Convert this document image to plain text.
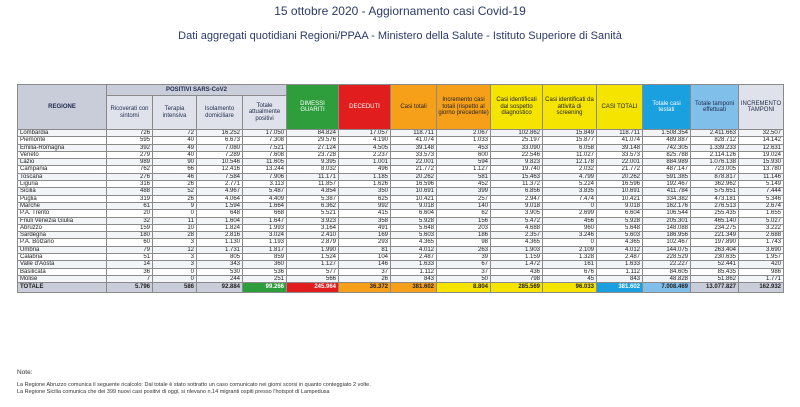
15 ottobre 2020 - Aggiornamento casi Covid-19
Dati aggregati quotidiani Regioni/PPAA - Ministero della Salute - Istituto Superiore di Sanità
REGIONE	POSITIVI SARS-CoV2				DIMESSI GUARITI	DECEDUTI	Casi totali	Incremento casi totali (rispetto al giorno precedente)	Casi identificati dal sospetto diagnostico	Casi identificati da attività di screening	CASI TOTALI	Totale casi testati	Totale tamponi effettuati	INCREMENTO TAMPONI
	Ricoverati con sintomi	Terapia intensiva	Isolamento domiciliare	Totale attualmente positivi										
Lombardia	726	72	16.252	17.050	84.824	17.057	118.711	2.067	102.862	15.849	118.711	1.508.354	2.411.663	32.507
Piemonte	595	40	6.673	7.308	29.576	4.190	41.074	1.033	25.197	15.877	41.074	489.887	828.712	14.142
Emilia-Romagna	392	49	7.080	7.521	27.124	4.505	39.148	453	33.090	6.058	39.148	742.305	1.339.233	12.631
Veneto	279	40	7.289	7.608	23.728	2.237	33.573	600	22.546	11.027	33.573	825.788	2.114.126	19.024
Lazio	989	90	10.546	11.605	9.395	1.001	22.001	594	9.823	12.178	22.001	884.989	1.076.138	15.930
Campania	762	66	12.416	13.244	8.032	496	21.772	1.127	19.740	2.032	21.772	487.147	723.005	13.780
Toscana	276	46	7.584	7.906	11.171	1.185	20.262	581	15.463	4.799	20.262	591.385	878.817	11.146
Liguria	316	26	2.771	3.113	11.857	1.626	16.596	452	11.372	5.224	16.596	192.467	362.962	5.149
Sicilia	488	52	4.967	5.487	4.854	350	10.691	399	6.856	3.835	10.691	411.784	575.651	7.444
Puglia	319	26	4.064	4.409	5.387	625	10.421	257	2.947	7.474	10.421	334.382	473.181	5.346
Marche	61	9	1.594	1.664	6.362	992	9.018	140	9.018	0	9.018	162.176	276.513	2.674
P.A. Trento	20	0	648	668	5.521	415	6.604	62	3.905	2.699	6.604	106.544	255.435	1.655
Friuli Venezia Giulia	32	11	1.604	1.647	3.923	358	5.928	156	5.472	456	5.928	205.301	465.140	5.027
Abruzzo	159	10	1.824	1.993	3.164	491	5.648	203	4.688	960	5.648	148.088	234.275	3.222
Sardegna	180	28	2.816	3.024	2.410	169	5.603	186	2.357	3.246	5.603	186.956	221.349	2.688
P.A. Bolzano	60	3	1.130	1.193	2.879	293	4.365	98	4.365	0	4.365	102.467	197.890	1.743
Umbria	79	12	1.731	1.817	1.990	81	4.012	263	1.903	2.109	4.012	144.075	263.404	3.690
Calabria	51	3	805	859	1.524	104	2.487	39	1.159	1.328	2.487	228.529	230.635	1.957
Valle d'Aosta	14	3	343	360	1.127	146	1.633	67	1.472	161	1.633	22.227	52.441	420
Basilicata	36	0	530	536	577	37	1.112	37	436	676	1.112	84.605	85.435	986
Molise	7	0	244	251	566	26	843	50	798	45	843	48.828	51.862	1.771
TOTALE	5.796	586	92.884	99.266	245.964	36.372	381.602	8.804	285.569	96.033	381.602	7.008.469	13.077.827	162.932
Note:
La Regione Abruzzo comunica il seguente ricalcolo: Dal totale è stato sottratto un caso comunicato nei giorni scorsi in quanto conteggiato 2 volte.
La Regione Sicilia comunica che dei 399 nuovi casi positivi di oggi, si rilevano n.14 migranti ospiti presso l'hotspot di Lampedusa
